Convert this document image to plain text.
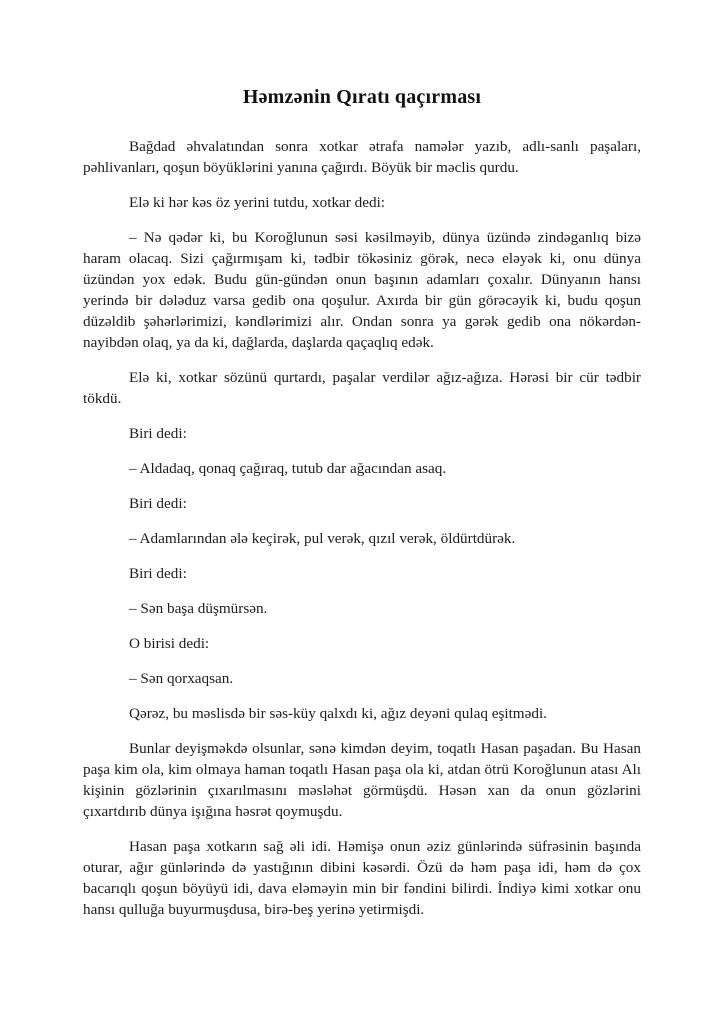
Həmzənin Qıratı qaçırması

Bağdad əhvalatından sonra xotkar ətrafa namələr yazıb, adlı-sanlı paşaları, pəhlivanları, qoşun böyüklərini yanına çağırdı. Böyük bir məclis qurdu.

Elə ki hər kəs öz yerini tutdu, xotkar dedi:

– Nə qədər ki, bu Koroğlunun səsi kəsilməyib, dünya üzündə zindəganlıq bizə haram olacaq. Sizi çağırmışam ki, tədbir tökəsiniz görək, necə eləyək ki, onu dünya üzündən yox edək. Budu gün-gündən onun başının adamları çoxalır. Dünyanın hansı yerində bir dələduz varsa gedib ona qoşulur. Axırda bir gün görəcəyik ki, budu qoşun düzəldib şəhərlərimizi, kəndlərimizi alır. Ondan sonra ya gərək gedib ona nökərdən-nayibdən olaq, ya da ki, dağlarda, daşlarda qaçaqlıq edək.

Elə ki, xotkar sözünü qurtardı, paşalar verdilər ağız-ağıza. Hərəsi bir cür tədbir tökdü.

Biri dedi:

– Aldadaq, qonaq çağıraq, tutub dar ağacından asaq.

Biri dedi:

– Adamlarından ələ keçirək, pul verək, qızıl verək, öldürtdürək.

Biri dedi:

– Sən başa düşmürsən.

O birisi dedi:

– Sən qorxaqsan.

Qərəz, bu məslisdə bir səs-küy qalxdı ki, ağız deyəni qulaq eşitmədi.

Bunlar deyişməkdə olsunlar, sənə kimdən deyim, toqatlı Hasan paşadan. Bu Hasan paşa kim ola, kim olmaya haman toqatlı Hasan paşa ola ki, atdan ötrü Koroğlunun atası Alı kişinin gözlərinin çıxarılmasını məsləhət görmüşdü. Həsən xan da onun gözlərini çıxartdırıb dünya işığına həsrət qoymuşdu.

Hasan paşa xotkarın sağ əli idi. Həmişə onun əziz günlərində süfrəsinin başında oturar, ağır günlərində də yastığının dibini kəsərdi. Özü də həm paşa idi, həm də çox bacarıqlı qoşun böyüyü idi, dava eləməyin min bir fəndini bilirdi. İndiyə kimi xotkar onu hansı qulluğa buyurmuşdusa, birə-beş yerinə yetirmişdi.
